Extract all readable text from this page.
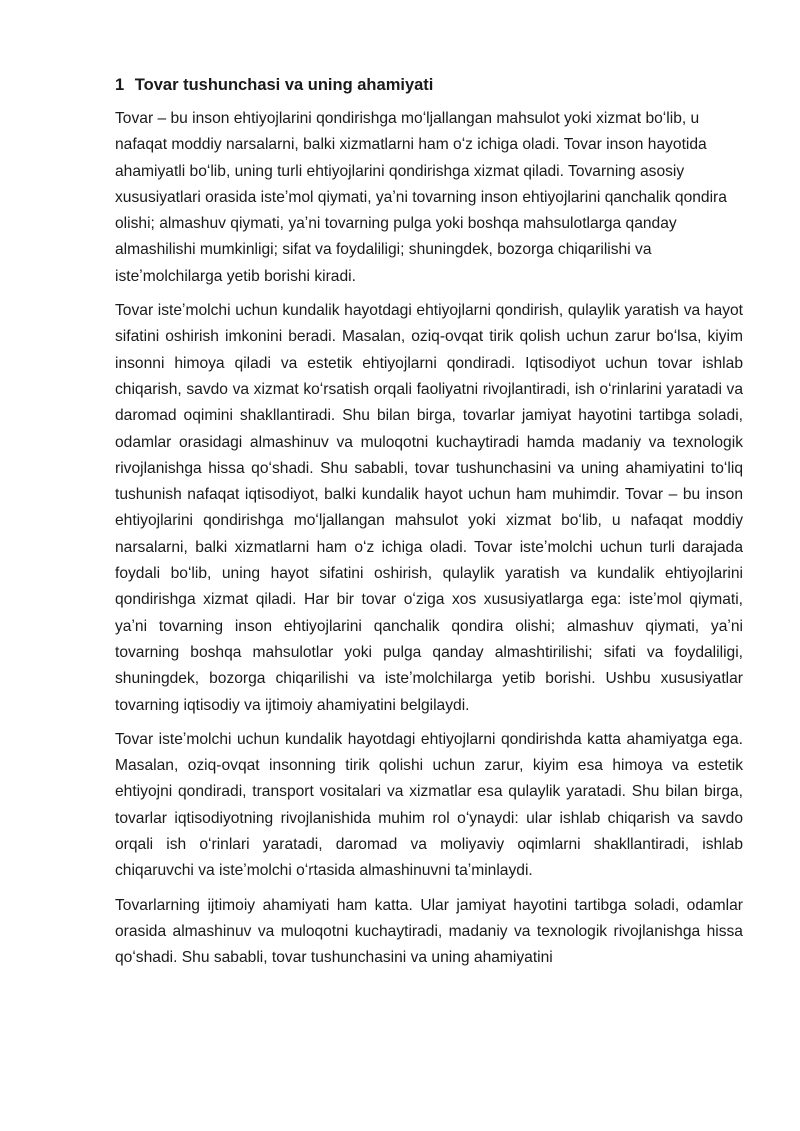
1 Tovar tushunchasi va uning ahamiyati

Tovar – bu inson ehtiyojlarini qondirishga moʻljallangan mahsulot yoki xizmat boʻlib, u nafaqat moddiy narsalarni, balki xizmatlarni ham oʻz ichiga oladi. Tovar inson hayotida ahamiyatli boʻlib, uning turli ehtiyojlarini qondirishga xizmat qiladi. Tovarning asosiy xususiyatlari orasida isteʼmol qiymati, yaʼni tovarning inson ehtiyojlarini qanchalik qondira olishi; almashuv qiymati, yaʼni tovarning pulga yoki boshqa mahsulotlarga qanday almashilishi mumkinligi; sifat va foydaliligi; shuningdek, bozorga chiqarilishi va isteʼmolchilarga yetib borishi kiradi.

Tovar isteʼmolchi uchun kundalik hayotdagi ehtiyojlarni qondirish, qulaylik yaratish va hayot sifatini oshirish imkonini beradi. Masalan, oziq-ovqat tirik qolish uchun zarur boʻlsa, kiyim insonni himoya qiladi va estetik ehtiyojlarni qondiradi. Iqtisodiyot uchun tovar ishlab chiqarish, savdo va xizmat koʻrsatish orqali faoliyatni rivojlantiradi, ish oʻrinlarini yaratadi va daromad oqimini shakllantiradi. Shu bilan birga, tovarlar jamiyat hayotini tartibga soladi, odamlar orasidagi almashinuv va muloqotni kuchaytiradi hamda madaniy va texnologik rivojlanishga hissa qoʻshadi. Shu sababli, tovar tushunchasini va uning ahamiyatini toʻliq tushunish nafaqat iqtisodiyot, balki kundalik hayot uchun ham muhimdir. Tovar – bu inson ehtiyojlarini qondirishga moʻljallangan mahsulot yoki xizmat boʻlib, u nafaqat moddiy narsalarni, balki xizmatlarni ham oʻz ichiga oladi. Tovar isteʼmolchi uchun turli darajada foydali boʻlib, uning hayot sifatini oshirish, qulaylik yaratish va kundalik ehtiyojlarini qondirishga xizmat qiladi. Har bir tovar oʻziga xos xususiyatlarga ega: isteʼmol qiymati, yaʼni tovarning inson ehtiyojlarini qanchalik qondira olishi; almashuv qiymati, yaʼni tovarning boshqa mahsulotlar yoki pulga qanday almashtirilishi; sifati va foydaliligi, shuningdek, bozorga chiqarilishi va isteʼmolchilarga yetib borishi. Ushbu xususiyatlar tovarning iqtisodiy va ijtimoiy ahamiyatini belgilaydi.

Tovar isteʼmolchi uchun kundalik hayotdagi ehtiyojlarni qondirishda katta ahamiyatga ega. Masalan, oziq-ovqat insonning tirik qolishi uchun zarur, kiyim esa himoya va estetik ehtiyojni qondiradi, transport vositalari va xizmatlar esa qulaylik yaratadi. Shu bilan birga, tovarlar iqtisodiyotning rivojlanishida muhim rol oʻynaydi: ular ishlab chiqarish va savdo orqali ish oʻrinlari yaratadi, daromad va moliyaviy oqimlarni shakllantiradi, ishlab chiqaruvchi va isteʼmolchi oʻrtasida almashinuvni taʼminlaydi.

Tovarlarning ijtimoiy ahamiyati ham katta. Ular jamiyat hayotini tartibga soladi, odamlar orasida almashinuv va muloqotni kuchaytiradi, madaniy va texnologik rivojlanishga hissa qoʻshadi. Shu sababli, tovar tushunchasini va uning ahamiyatini
